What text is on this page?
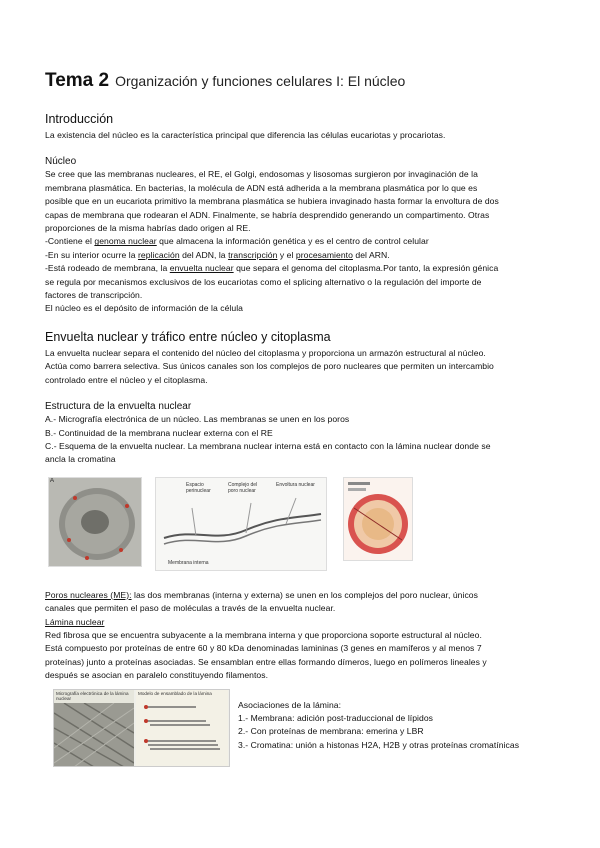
Tema 2 Organización y funciones celulares I: El núcleo
Introducción

La existencia del núcleo es la característica principal que diferencia las células eucariotas y procariotas.

Núcleo

Se cree que las membranas nucleares, el RE, el Golgi, endosomas y lisosomas surgieron por invaginación de la

membrana plasmática. En bacterias, la molécula de ADN está adherida a la membrana plasmática por lo que es

posible que en un eucariota primitivo la membrana plasmática se hubiera invaginado hasta formar la envoltura de dos

capas de membrana que rodearan el ADN. Finalmente, se habría desprendido generando un compartimento. Otras

proporciones de la misma habrías dado origen al RE.

-Contiene el genoma nuclear que almacena la información genética y es el centro de control celular

-En su interior ocurre la replicación del ADN, la transcripción y el procesamiento del ARN.

-Está rodeado de membrana, la envuelta nuclear que separa el genoma del citoplasma.Por tanto, la expresión génica

se regula por mecanismos exclusivos de los eucariotas como el splicing alternativo o la regulación del importe de

factores de transcripción.

El núcleo es el depósito de información de la célula

Envuelta nuclear y tráfico entre núcleo y citoplasma

La envuelta nuclear separa el contenido del núcleo del citoplasma y proporciona un armazón estructural al núcleo.

Actúa como barrera selectiva. Sus únicos canales son los complejos de poro nucleares que permiten un intercambio

controlado entre el núcleo y el citoplasma.

Estructura de la envuelta nuclear

A.- Micrografía electrónica de un núcleo. Las membranas se unen en los poros

B.- Continuidad de la membrana nuclear externa con el RE

C.- Esquema de la envuelta nuclear. La membrana nuclear interna está en contacto con la lámina nuclear donde se

ancla la cromatina

A
Espacio perinuclear
Complejo del poro nuclear
Envoltura nuclear
Membrana interna

Poros nucleares (ME): las dos membranas (interna y externa) se unen en los complejos del poro nuclear, únicos

canales que permiten el paso de moléculas a través de la envuelta nuclear.

Lámina nuclear

Red fibrosa que se encuentra subyacente a la membrana interna y que proporciona soporte estructural al núcleo.

Está compuesto por proteínas de entre 60 y 80 kDa denominadas lamininas (3 genes en mamíferos y al menos 7

proteínas) junto a proteínas asociadas. Se ensamblan entre ellas formando dímeros, luego en polímeros lineales y

después se asocian en paralelo constituyendo filamentos.

Micrografía electrónica de la lámina nuclear
Modelo de ensamblado de la lámina

Asociaciones de la lámina:

1.- Membrana: adición post-traduccional de lípidos

2.- Con proteínas de membrana: emerina y LBR

3.- Cromatina: unión a histonas H2A, H2B y otras proteínas cromatínicas
